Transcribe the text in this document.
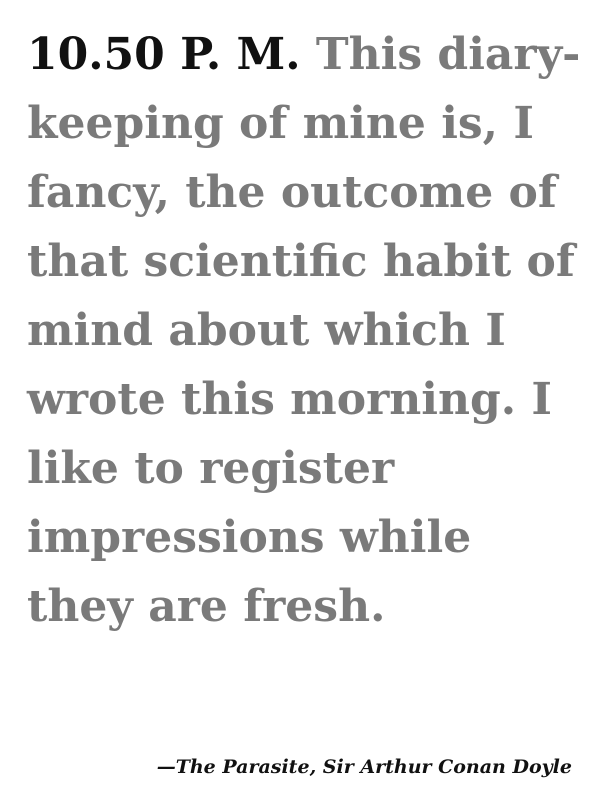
10.50 P. M. This diary-keeping of mine is, I fancy, the outcome of that scientific habit of mind about which I wrote this morning. I like to register impressions while they are fresh.

—The Parasite, Sir Arthur Conan Doyle
